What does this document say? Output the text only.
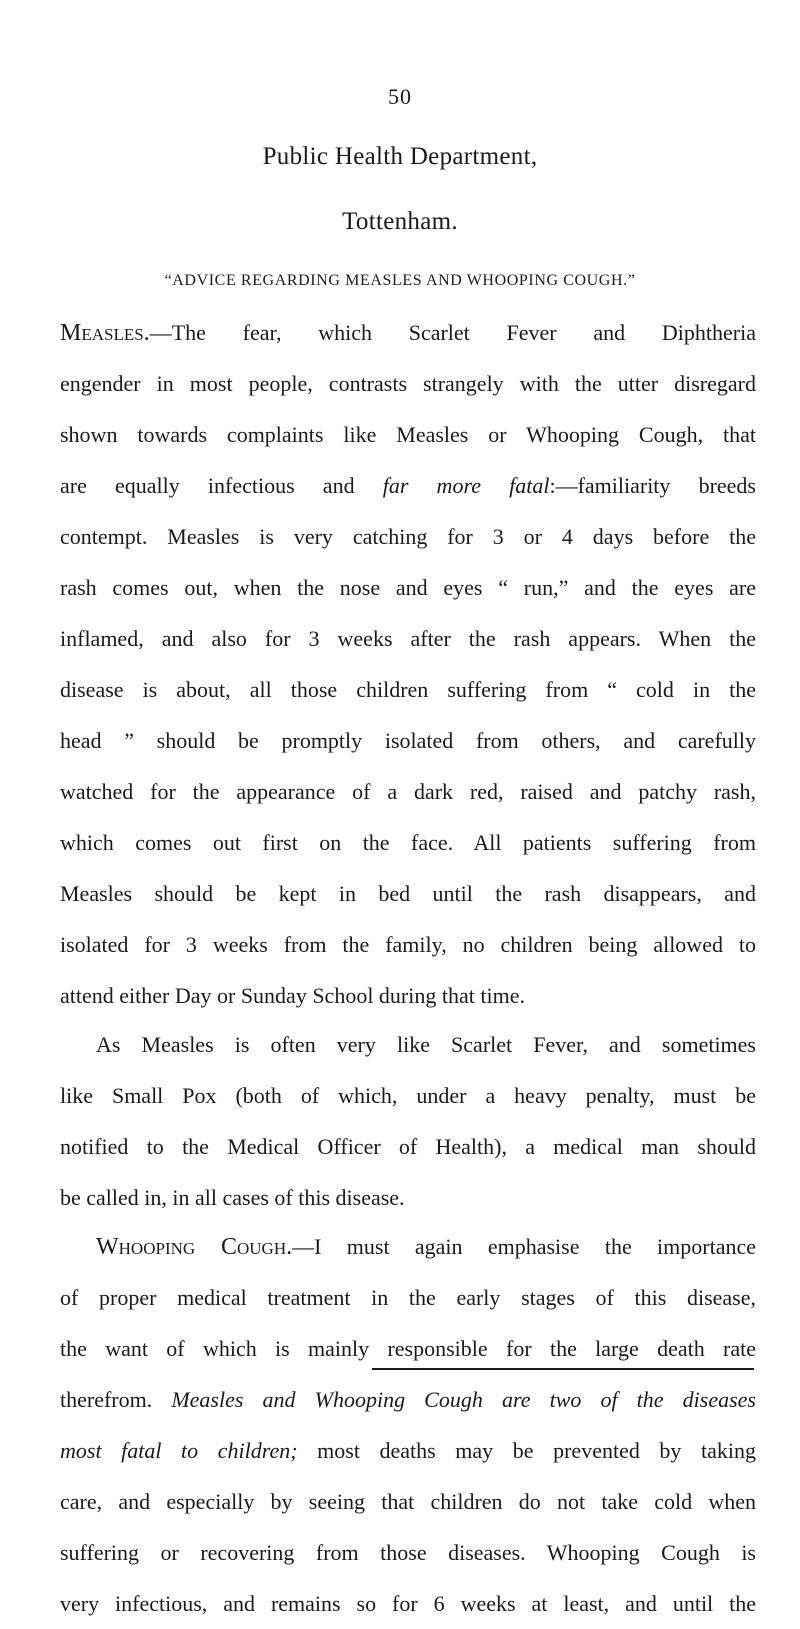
50
Public Health Department,
Tottenham.
“ADVICE REGARDING MEASLES AND WHOOPING COUGH.”
Measles.—The fear, which Scarlet Fever and Diphtheria
engender in most people, contrasts strangely with the utter disregard
shown towards complaints like Measles or Whooping Cough, that
are equally infectious and far more fatal:—familiarity breeds
contempt. Measles is very catching for 3 or 4 days before the
rash comes out, when the nose and eyes “ run,” and the eyes are
inflamed, and also for 3 weeks after the rash appears. When the
disease is about, all those children suffering from “ cold in the
head ” should be promptly isolated from others, and carefully
watched for the appearance of a dark red, raised and patchy rash,
which comes out first on the face. All patients suffering from
Measles should be kept in bed until the rash disappears, and
isolated for 3 weeks from the family, no children being allowed to
attend either Day or Sunday School during that time.
As Measles is often very like Scarlet Fever, and sometimes
like Small Pox (both of which, under a heavy penalty, must be
notified to the Medical Officer of Health), a medical man should
be called in, in all cases of this disease.
Whooping Cough.—I must again emphasise the importance
of proper medical treatment in the early stages of this disease,
the want of which is mainly responsible for the large death rate
therefrom. Measles and Whooping Cough are two of the diseases
most fatal to children; most deaths may be prevented by taking
care, and especially by seeing that children do not take cold when
suffering or recovering from those diseases. Whooping Cough is
very infectious, and remains so for 6 weeks at least, and until the
